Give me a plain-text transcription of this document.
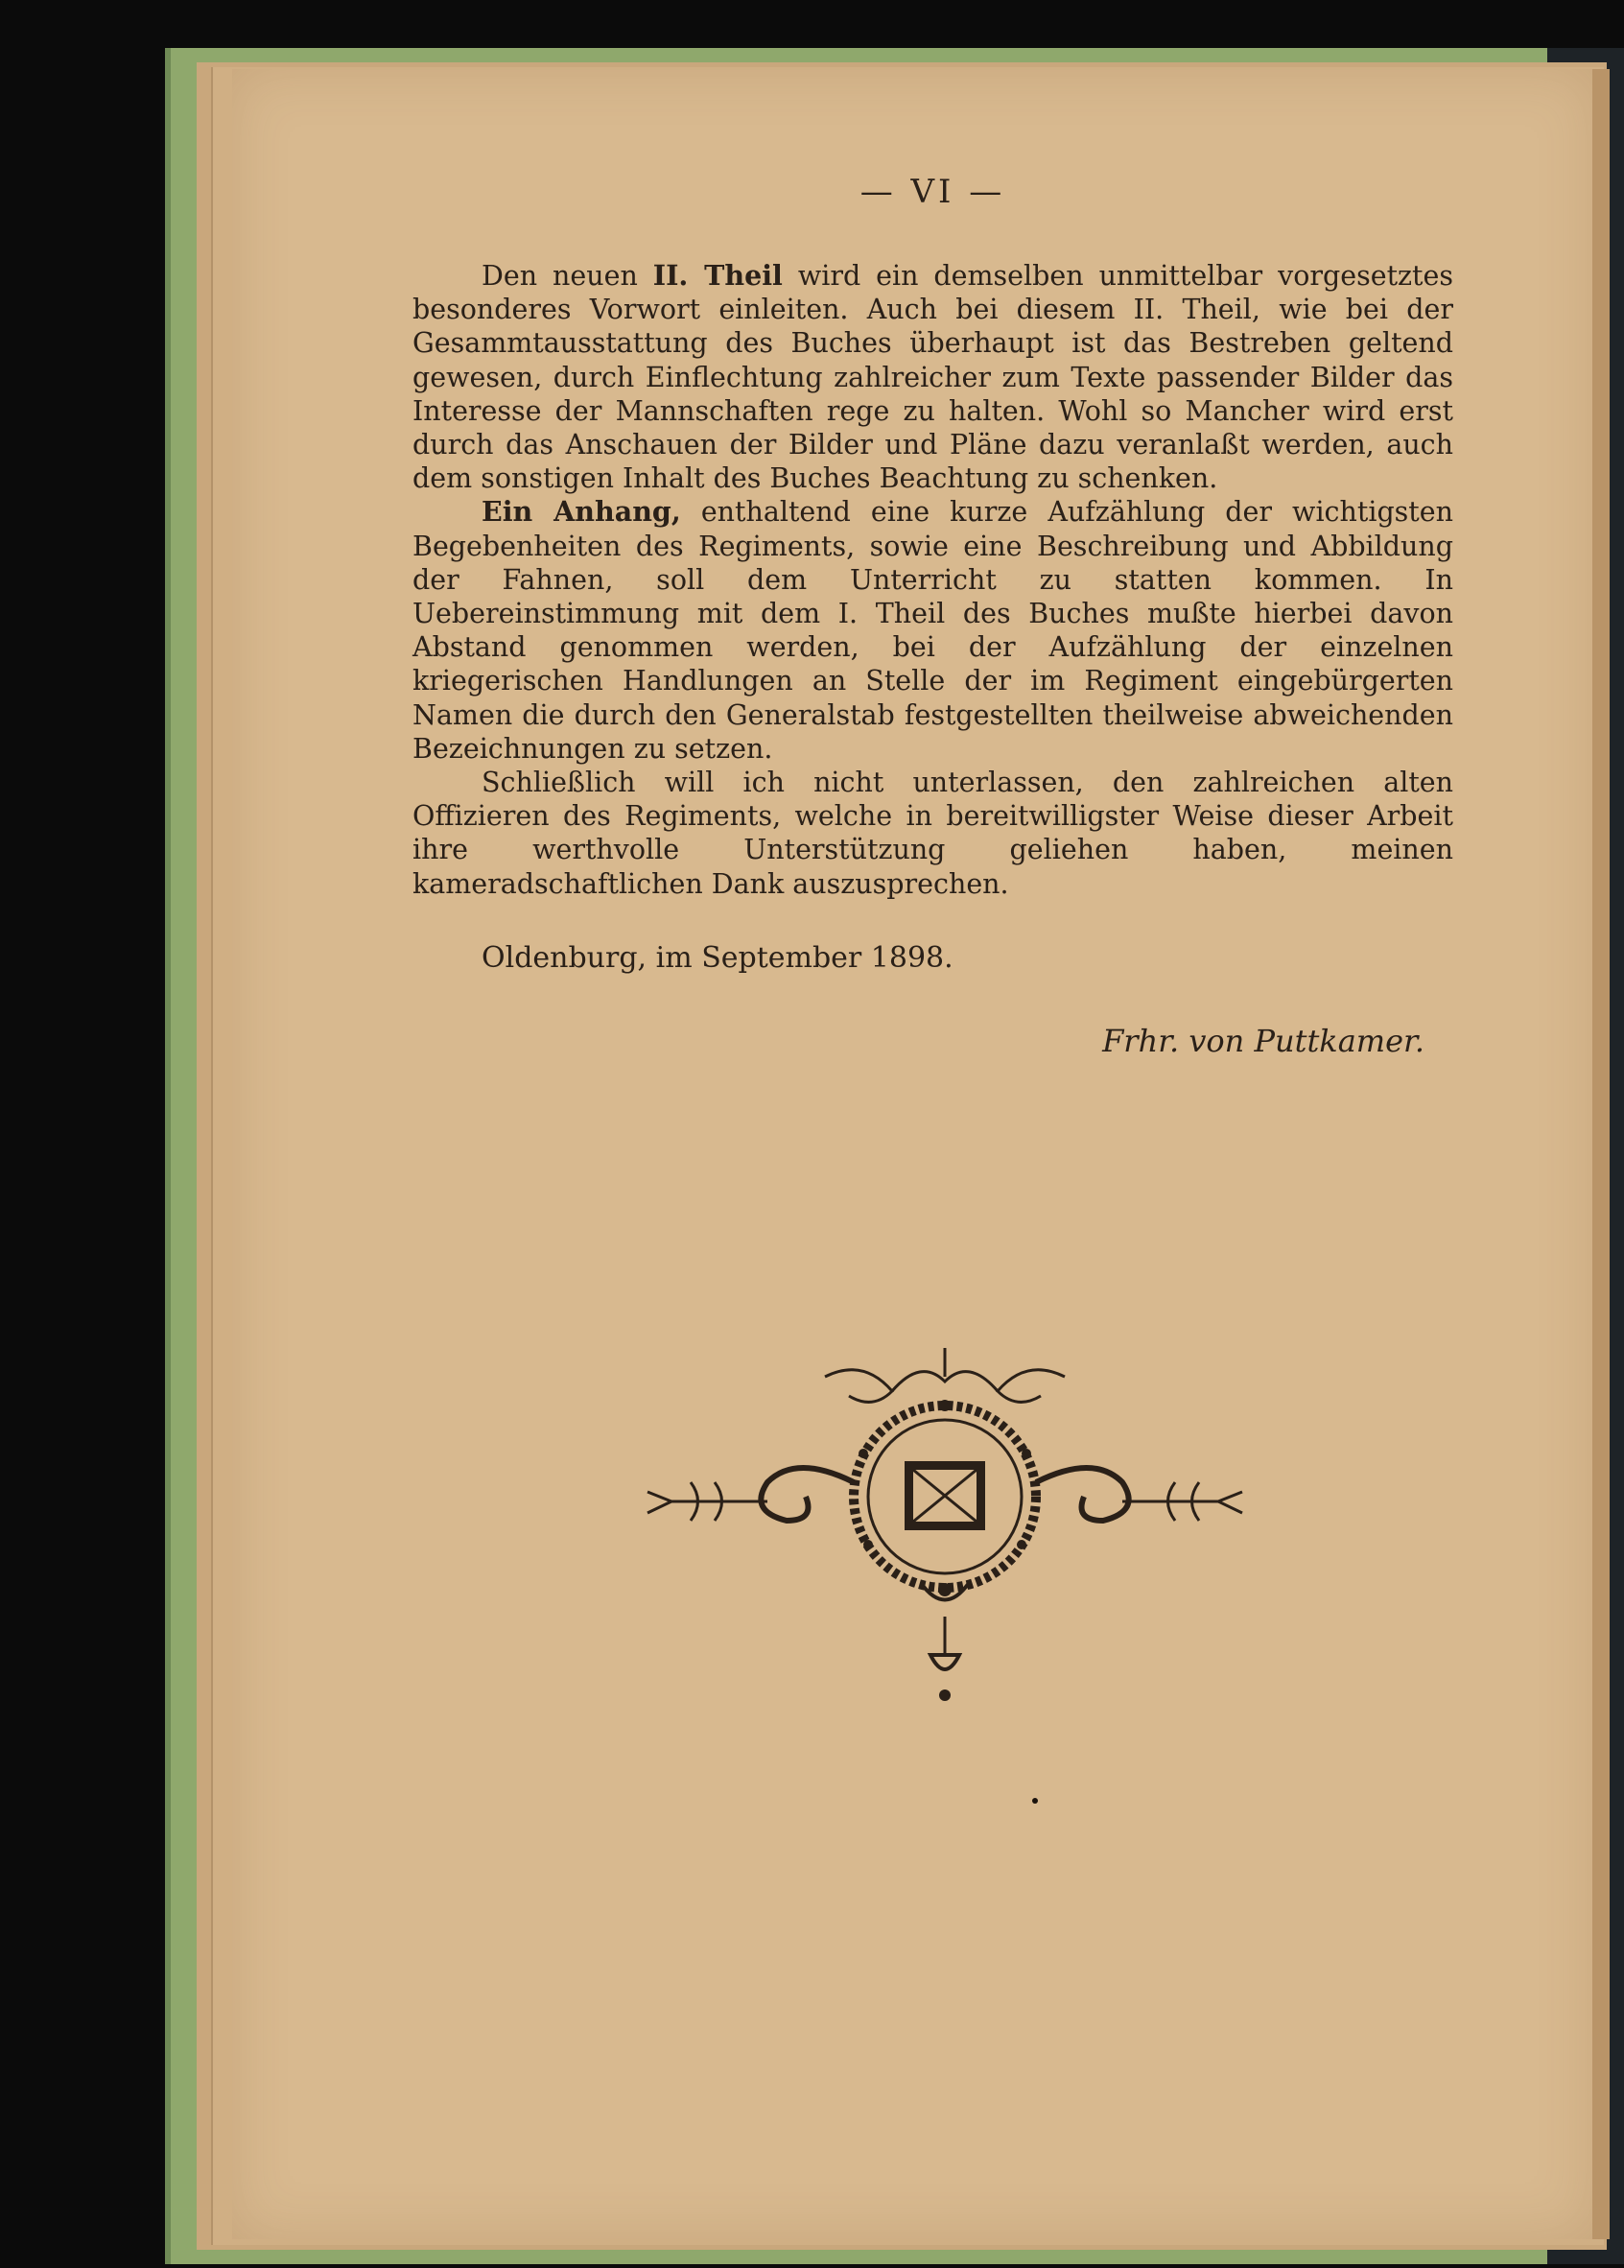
— VI —

Den neuen II. Theil wird ein demselben unmittelbar vorgesetztes besonderes Vorwort einleiten. Auch bei diesem II. Theil, wie bei der Gesammtausstattung des Buches überhaupt ist das Bestreben geltend gewesen, durch Einflechtung zahlreicher zum Texte passender Bilder das Interesse der Mannschaften rege zu halten. Wohl so Mancher wird erst durch das Anschauen der Bilder und Pläne dazu veranlaßt werden, auch dem sonstigen Inhalt des Buches Beachtung zu schenken.

Ein Anhang, enthaltend eine kurze Aufzählung der wichtigsten Begebenheiten des Regiments, sowie eine Beschreibung und Abbildung der Fahnen, soll dem Unterricht zu statten kommen. In Uebereinstimmung mit dem I. Theil des Buches mußte hierbei davon Abstand genommen werden, bei der Aufzählung der einzelnen kriegerischen Handlungen an Stelle der im Regiment eingebürgerten Namen die durch den Generalstab festgestellten theilweise abweichenden Bezeichnungen zu setzen.

Schließlich will ich nicht unterlassen, den zahlreichen alten Offizieren des Regiments, welche in bereitwilligster Weise dieser Arbeit ihre werthvolle Unterstützung geliehen haben, meinen kameradschaftlichen Dank auszusprechen.

Oldenburg, im September 1898.
Frhr. von Puttkamer.
